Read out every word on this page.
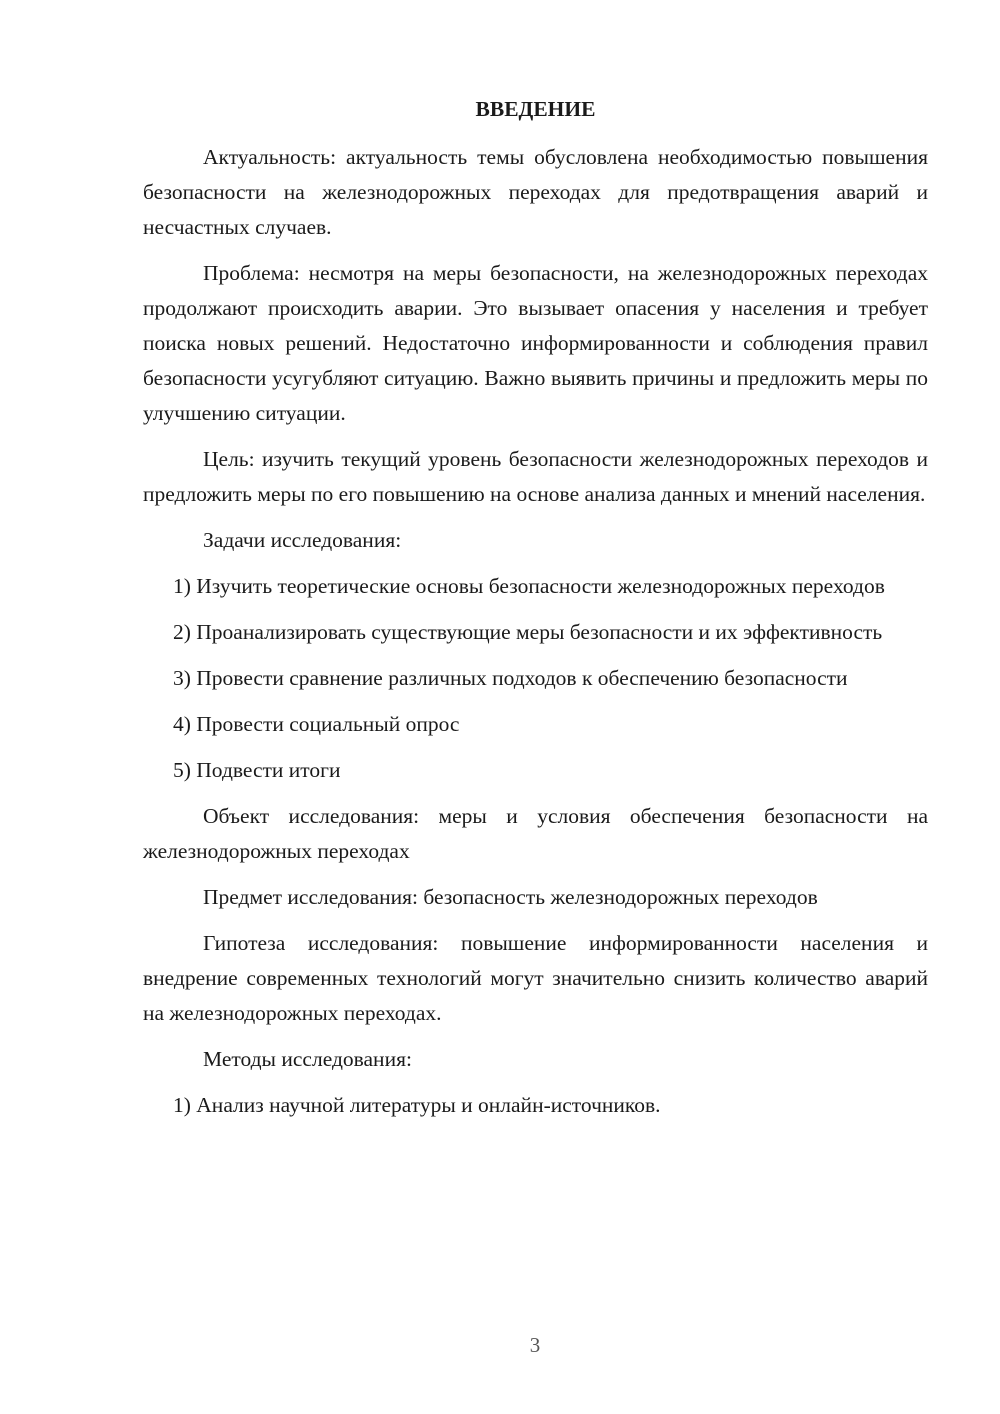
ВВЕДЕНИЕ

Актуальность: актуальность темы обусловлена необходимостью повышения безопасности на железнодорожных переходах для предотвращения аварий и несчастных случаев.

Проблема: несмотря на меры безопасности, на железнодорожных переходах продолжают происходить аварии. Это вызывает опасения у населения и требует поиска новых решений. Недостаточно информированности и соблюдения правил безопасности усугубляют ситуацию. Важно выявить причины и предложить меры по улучшению ситуации.

Цель: изучить текущий уровень безопасности железнодорожных переходов и предложить меры по его повышению на основе анализа данных и мнений населения.

Задачи исследования:

1) Изучить теоретические основы безопасности железнодорожных переходов

2) Проанализировать существующие меры безопасности и их эффективность

3) Провести сравнение различных подходов к обеспечению безопасности

4) Провести социальный опрос

5) Подвести итоги

Объект исследования: меры и условия обеспечения безопасности на железнодорожных переходах

Предмет исследования: безопасность железнодорожных переходов

Гипотеза исследования: повышение информированности населения и внедрение современных технологий могут значительно снизить количество аварий на железнодорожных переходах.

Методы исследования:

1) Анализ научной литературы и онлайн-источников.

3
